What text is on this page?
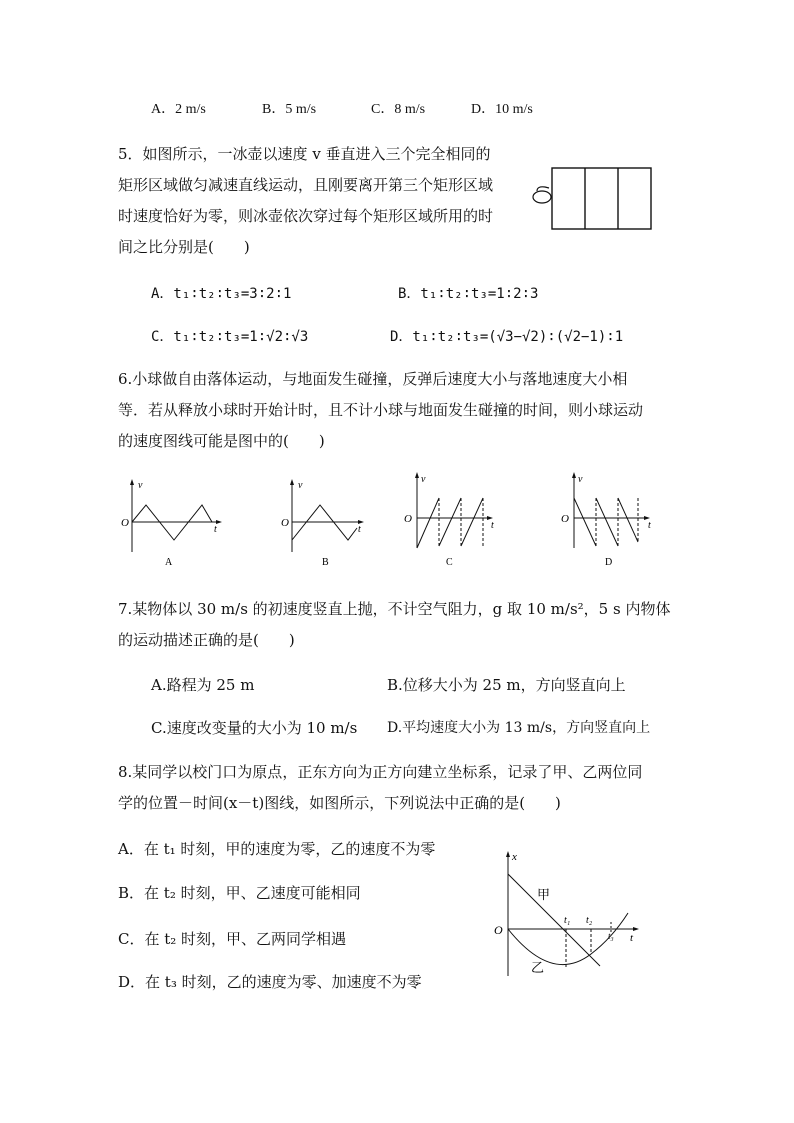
A．2 m/s	B．5 m/s	C．8 m/s	D．10 m/s
5．如图所示，一冰壶以速度 v 垂直进入三个完全相同的
矩形区域做匀减速直线运动，且刚要离开第三个矩形区域
时速度恰好为零，则冰壶依次穿过每个矩形区域所用的时
间之比分别是(　　)
A．t₁∶t₂∶t₃=3∶2∶1	B．t₁∶t₂∶t₃=1∶2∶3
C．t₁∶t₂∶t₃=1∶√2∶√3	D．t₁∶t₂∶t₃=(√3−√2)∶(√2−1)∶1
6.小球做自由落体运动，与地面发生碰撞，反弹后速度大小与落地速度大小相
等．若从释放小球时开始计时，且不计小球与地面发生碰撞的时间，则小球运动
的速度图线可能是图中的(　　)
v
O
t
A
v
O
t
B
v
O
t
C
v
O
t
D
7.某物体以 30 m/s 的初速度竖直上抛，不计空气阻力，g 取 10 m/s²，5 s 内物体
的运动描述正确的是(　　)
A.路程为 25 m	B.位移大小为 25 m，方向竖直向上
C.速度改变量的大小为 10 m/s D.平均速度大小为 13 m/s，方向竖直向上
8.某同学以校门口为原点，正东方向为正方向建立坐标系，记录了甲、乙两位同
学的位置－时间(x－t)图线，如图所示，下列说法中正确的是(　　)
A．在 t₁ 时刻，甲的速度为零，乙的速度不为零
B．在 t₂ 时刻，甲、乙速度可能相同
C．在 t₂ 时刻，甲、乙两同学相遇
D．在 t₃ 时刻，乙的速度为零、加速度不为零
x
O
t
甲
乙
t₁ t₂
t₃
